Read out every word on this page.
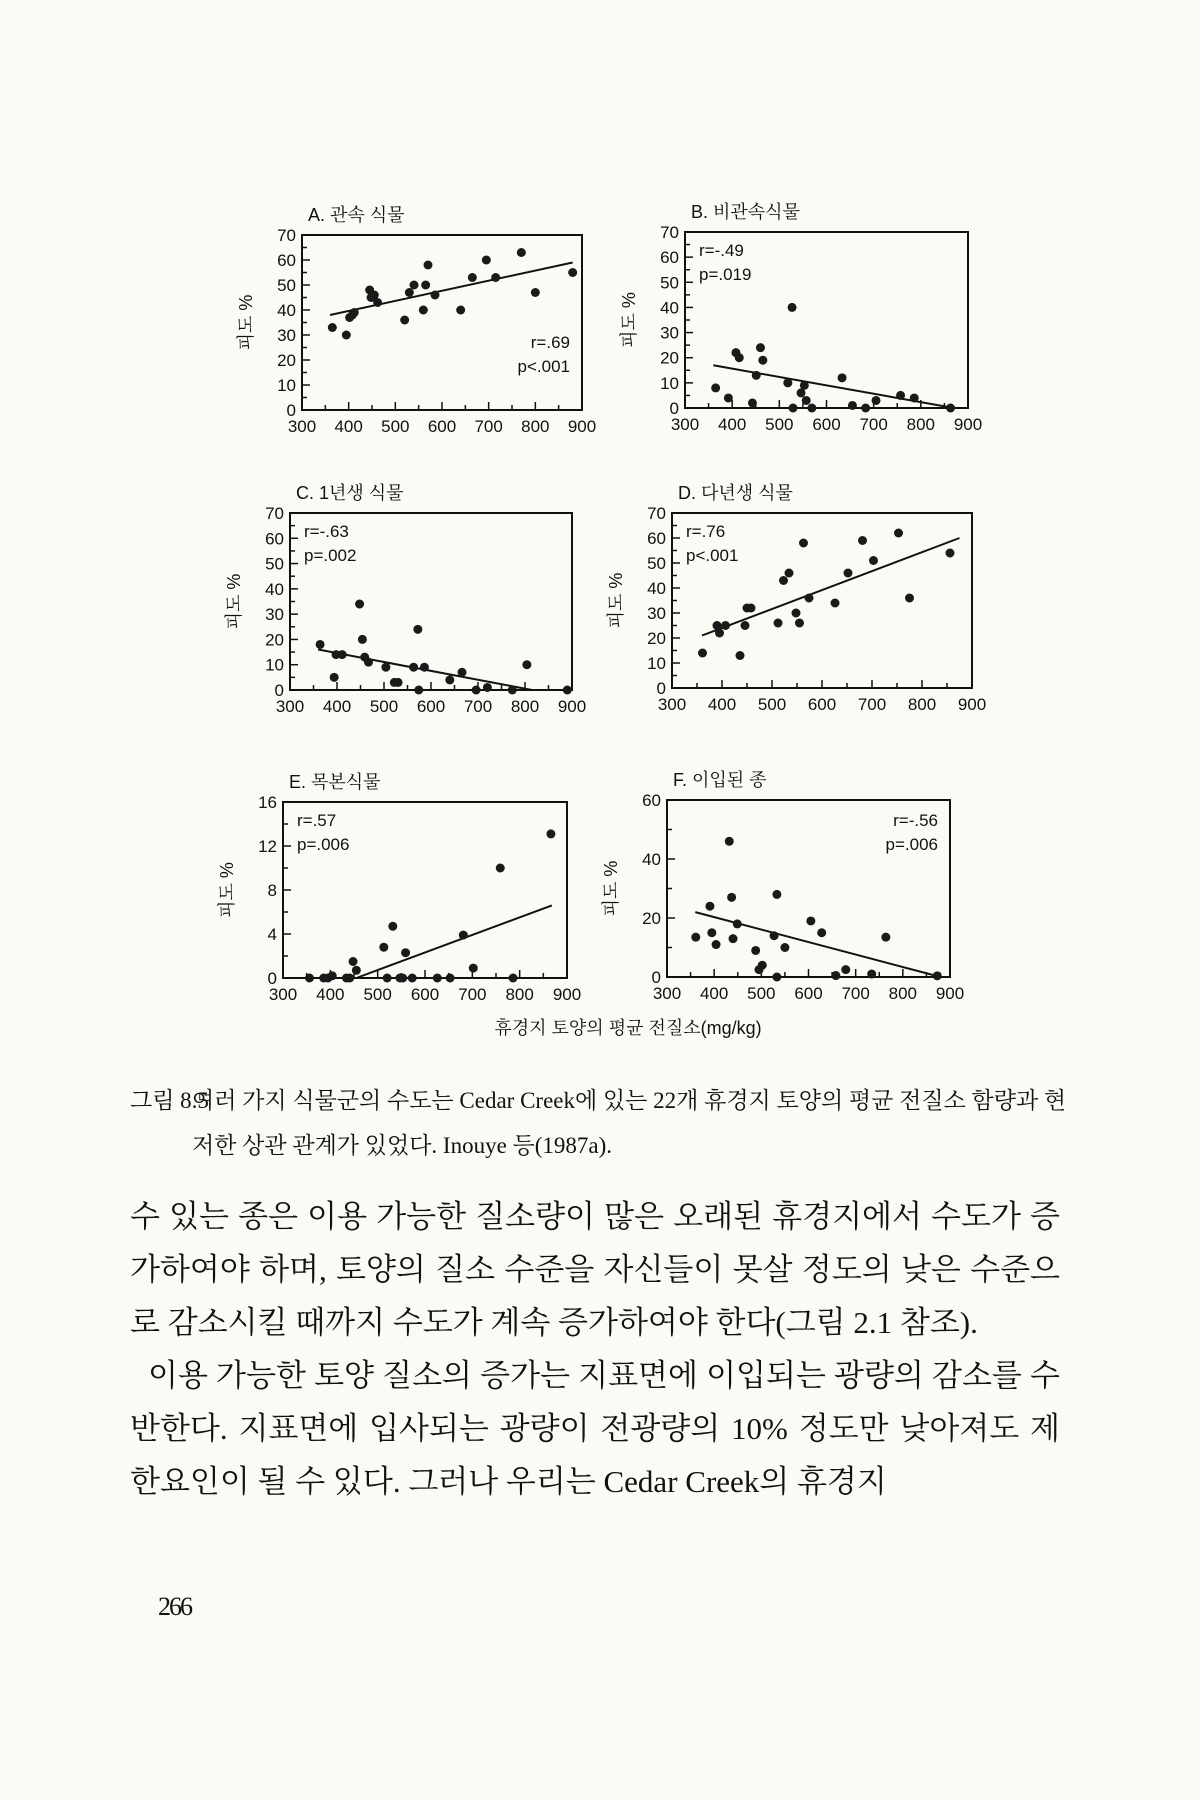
휴경지 토양의 평균 전질소(mg/kg)
A. 관속 식물
피도 %
300 400 500 600 700 800 900
0
10
20
30
40
50
60
70
r=.69
p<.001
B. 비관속식물
피도 %
300 400 500 600 700 800 900
0
10
20
30
40
50
60
70
r=-.49
p=.019
C. 1년생 식물
피도 %
300 400 500 600 700 800 900
0
10
20
30
40
50
60
70
r=-.63
p=.002
D. 다년생 식물
피도 %
300 400 500 600 700 800 900
0
10
20
30
40
50
60
70
r=.76
p<.001
E. 목본식물
피도 %
300 400 500 600 700 800 900
0
4
8
12
16
r=.57
p=.006
F. 이입된 종
피도 %
300 400 500 600 700 800 900
0
20
40
60
r=-.56
p=.006
그림 8.5
여러 가지 식물군의 수도는 Cedar Creek에 있는 22개 휴경지 토양의 평균 전질소 함량과 현저한 상관 관계가 있었다. Inouye 등(1987a).

수 있는 종은 이용 가능한 질소량이 많은 오래된 휴경지에서 수도가 증가하여야 하며, 토양의 질소 수준을 자신들이 못살 정도의 낮은 수준으로 감소시킬 때까지 수도가 계속 증가하여야 한다(그림 2.1 참조).

이용 가능한 토양 질소의 증가는 지표면에 이입되는 광량의 감소를 수반한다. 지표면에 입사되는 광량이 전광량의 10% 정도만 낮아져도 제한요인이 될 수 있다. 그러나 우리는 Cedar Creek의 휴경지

266
